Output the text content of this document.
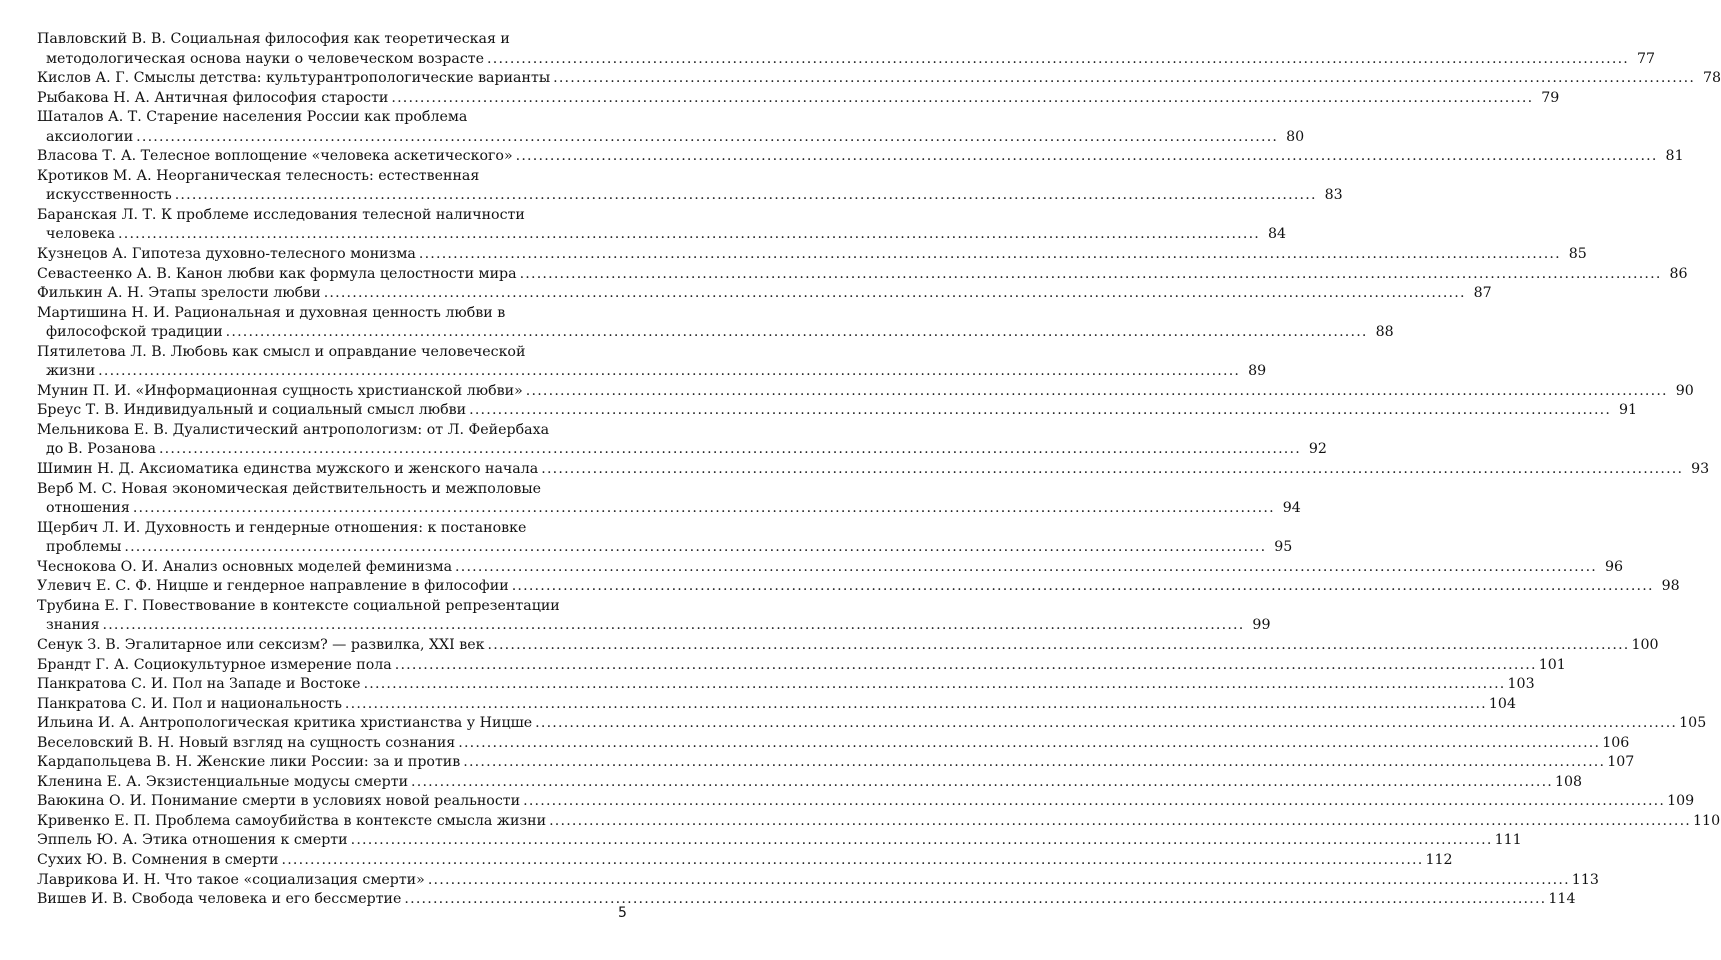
Павловский В. В. Социальная философия как теоретическая и
методологическая основа науки о человеческом возрасте ........................................................................................................................................................................................................ 77
Кислов А. Г. Смыслы детства: культурантропологические варианты ........................................................................................................................................................................................................ 78
Рыбакова Н. А. Античная философия старости ........................................................................................................................................................................................................ 79
Шаталов А. Т. Старение населения России как проблема
аксиологии ........................................................................................................................................................................................................ 80
Власова Т. А. Телесное воплощение «человека аскетического» ........................................................................................................................................................................................................ 81
Кротиков М. А. Неорганическая телесность: естественная
искусственность ........................................................................................................................................................................................................ 83
Баранская Л. Т. К проблеме исследования телесной наличности
человека ........................................................................................................................................................................................................ 84
Кузнецов А. Гипотеза духовно-телесного монизма ........................................................................................................................................................................................................ 85
Севастеенко А. В. Канон любви как формула целостности мира ........................................................................................................................................................................................................ 86
Филькин А. Н. Этапы зрелости любви ........................................................................................................................................................................................................ 87
Мартишина Н. И. Рациональная и духовная ценность любви в
философской традиции ........................................................................................................................................................................................................ 88
Пятилетова Л. В. Любовь как смысл и оправдание человеческой
жизни ........................................................................................................................................................................................................ 89
Мунин П. И. «Информационная сущность христианской любви» ........................................................................................................................................................................................................ 90
Бреус Т. В. Индивидуальный и социальный смысл любви ........................................................................................................................................................................................................ 91
Мельникова Е. В. Дуалистический антропологизм: от Л. Фейербаха
до В. Розанова ........................................................................................................................................................................................................ 92
Шимин Н. Д. Аксиоматика единства мужского и женского начала ........................................................................................................................................................................................................ 93
Верб М. С. Новая экономическая действительность и межполовые
отношения ........................................................................................................................................................................................................ 94
Щербич Л. И. Духовность и гендерные отношения: к постановке
проблемы ........................................................................................................................................................................................................ 95
Чеснокова О. И. Анализ основных моделей феминизма ........................................................................................................................................................................................................ 96
Улевич Е. С. Ф. Ницше и гендерное направление в философии ........................................................................................................................................................................................................ 98
Трубина Е. Г. Повествование в контексте социальной репрезентации
знания ........................................................................................................................................................................................................ 99
Сенук З. В. Эгалитарное или сексизм? — развилка, XXI век ........................................................................................................................................................................................................ 100
Брандт Г. А. Социокультурное измерение пола ........................................................................................................................................................................................................ 101
Панкратова С. И. Пол на Западе и Востоке ........................................................................................................................................................................................................ 103
Панкратова С. И. Пол и национальность ........................................................................................................................................................................................................ 104
Ильина И. А. Антропологическая критика христианства у Ницше ........................................................................................................................................................................................................ 105
Веселовский В. Н. Новый взгляд на сущность сознания ........................................................................................................................................................................................................ 106
Кардапольцева В. Н. Женские лики России: за и против ........................................................................................................................................................................................................ 107
Кленина Е. А. Экзистенциальные модусы смерти ........................................................................................................................................................................................................ 108
Ваюкина О. И. Понимание смерти в условиях новой реальности ........................................................................................................................................................................................................ 109
Кривенко Е. П. Проблема самоубийства в контексте смысла жизни ........................................................................................................................................................................................................ 110
Эппель Ю. А. Этика отношения к смерти ........................................................................................................................................................................................................ 111
Сухих Ю. В. Сомнения в смерти ........................................................................................................................................................................................................ 112
Лаврикова И. Н. Что такое «социализация смерти» ........................................................................................................................................................................................................ 113
Вишев И. В. Свобода человека и его бессмертие ........................................................................................................................................................................................................ 114
5
